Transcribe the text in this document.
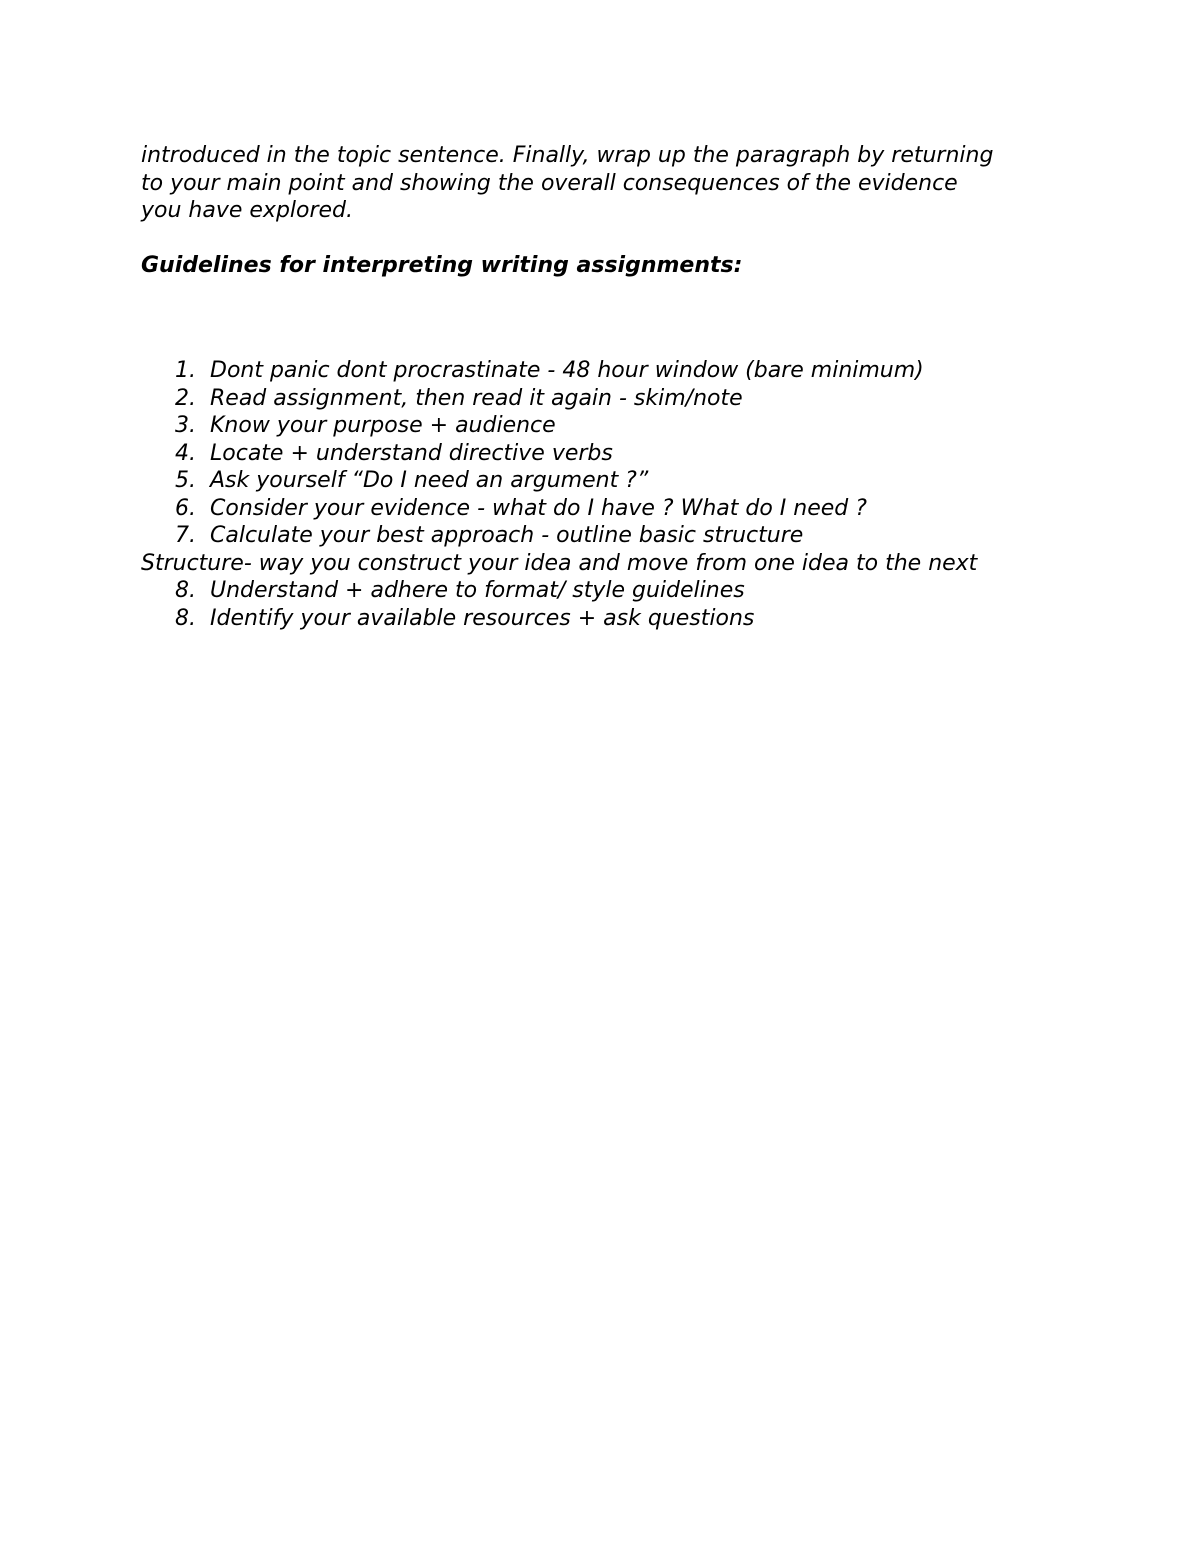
introduced in the topic sentence. Finally, wrap up the paragraph by returning
to your main point and showing the overall consequences of the evidence
you have explored.

Guidelines for interpreting writing assignments:

1. Dont panic dont procrastinate - 48 hour window (bare minimum)
2. Read assignment, then read it again - skim/note
3. Know your purpose + audience
4. Locate + understand directive verbs
5. Ask yourself “Do I need an argument ?”
6. Consider your evidence - what do I have ? What do I need ?
7. Calculate your best approach - outline basic structure
Structure- way you construct your idea and move from one idea to the next
8. Understand + adhere to format/ style guidelines
8. Identify your available resources + ask questions
